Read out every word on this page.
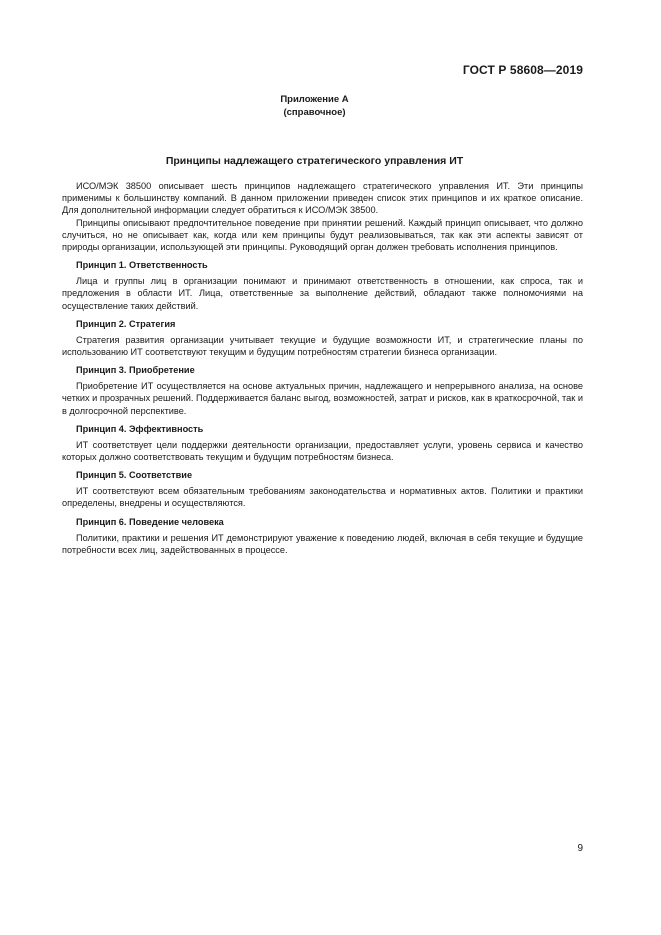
ГОСТ Р 58608—2019
Приложение А
(справочное)
Принципы надлежащего стратегического управления ИТ

ИСО/МЭК 38500 описывает шесть принципов надлежащего стратегического управления ИТ. Эти принципы применимы к большинству компаний. В данном приложении приведен список этих принципов и их краткое описание. Для дополнительной информации следует обратиться к ИСО/МЭК 38500.

Принципы описывают предпочтительное поведение при принятии решений. Каждый принцип описывает, что должно случиться, но не описывает как, когда или кем принципы будут реализовываться, так как эти аспекты зависят от природы организации, использующей эти принципы. Руководящий орган должен требовать исполнения принципов.

Принцип 1. Ответственность

Лица и группы лиц в организации понимают и принимают ответственность в отношении, как спроса, так и предложения в области ИТ. Лица, ответственные за выполнение действий, обладают также полномочиями на осуществление таких действий.

Принцип 2. Стратегия

Стратегия развития организации учитывает текущие и будущие возможности ИТ, и стратегические планы по использованию ИТ соответствуют текущим и будущим потребностям стратегии бизнеса организации.

Принцип 3. Приобретение

Приобретение ИТ осуществляется на основе актуальных причин, надлежащего и непрерывного анализа, на основе четких и прозрачных решений. Поддерживается баланс выгод, возможностей, затрат и рисков, как в краткосрочной, так и в долгосрочной перспективе.

Принцип 4. Эффективность

ИТ соответствует цели поддержки деятельности организации, предоставляет услуги, уровень сервиса и качество которых должно соответствовать текущим и будущим потребностям бизнеса.

Принцип 5. Соответствие

ИТ соответствуют всем обязательным требованиям законодательства и нормативных актов. Политики и практики определены, внедрены и осуществляются.

Принцип 6. Поведение человека

Политики, практики и решения ИТ демонстрируют уважение к поведению людей, включая в себя текущие и будущие потребности всех лиц, задействованных в процессе.

9
